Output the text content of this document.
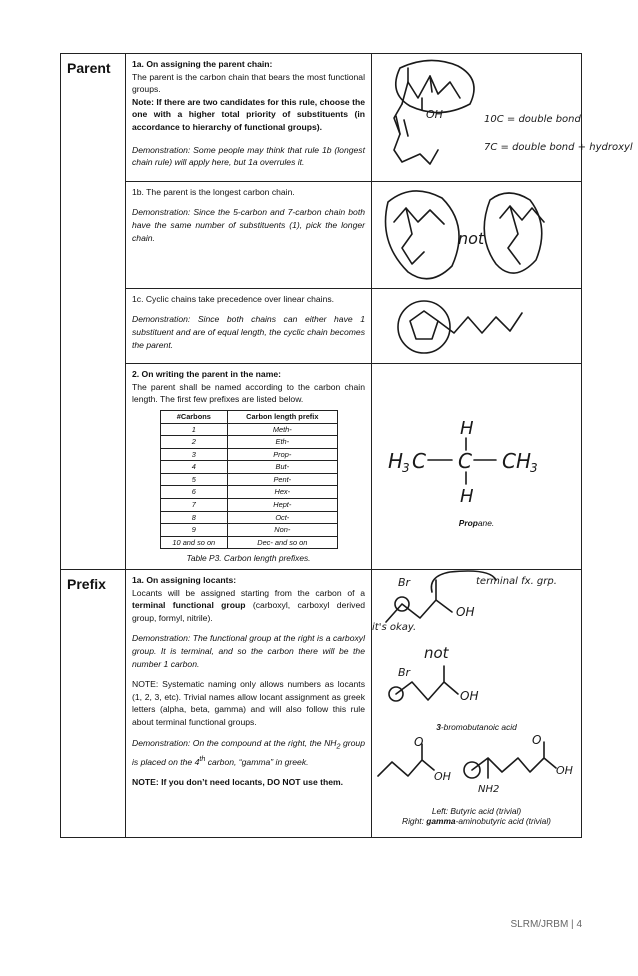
Parent	1a. On assigning the parent chain:
The parent is the carbon chain that bears the most functional groups.
Note: If there are two candidates for this rule, choose the one with a higher total priority of substituents (in accordance to hierarchy of functional groups).

Demonstration: Some people may think that rule 1b (longest chain rule) will apply here, but 1a overrules it.

OH	10C = double bond
7C = double bond + hydroxyl

1b. The parent is the longest carbon chain.

Demonstration: Since the 5-carbon and 7-carbon chain both have the same number of substituents (1), pick the longer chain.	not

1c. Cyclic chains take precedence over linear chains.

Demonstration: Since both chains can either have 1 substituent and are of equal length, the cyclic chain becomes the parent.

2. On writing the parent in the name:
The parent shall be named according to the carbon chain length. The first few prefixes are listed below.

#Carbons	Carbon length prefix
1	Meth-
2	Eth-
3	Prop-
4	But-
5	Pent-
6	Hex-
7	Hept-
8	Oct-
9	Non-
10 and so on	Dec- and so on
Table P3. Carbon length prefixes.

H
H
3 C C CH
3
H
Propane.

Prefix	1a. On assigning locants:
Locants will be assigned starting from the carbon of a terminal functional group (carboxyl, carboxyl derived group, formyl, nitrile).

Demonstration: The functional group at the right is a carboxyl group. It is terminal, and so the carbon there will be the number 1 carbon.

NOTE: Systematic naming only allows numbers as locants (1, 2, 3, etc). Trivial names allow locant assignment as greek letters (alpha, beta, gamma) and will also follow this rule about terminal functional groups.

Demonstration: On the compound at the right, the $NH_2$ group is placed on the 4th carbon, “gamma” in greek.

NOTE: If you don’t need locants, DO NOT use them.

Br
OH
terminal fx. grp.
it's okay.
not
Br
OH
3-bromobutanoic acid
O
OH
O
OH
NH2
Left: Butyric acid (trivial)
Right: gamma-aminobutyric acid (trivial)
SLRM/JRBM | 4
